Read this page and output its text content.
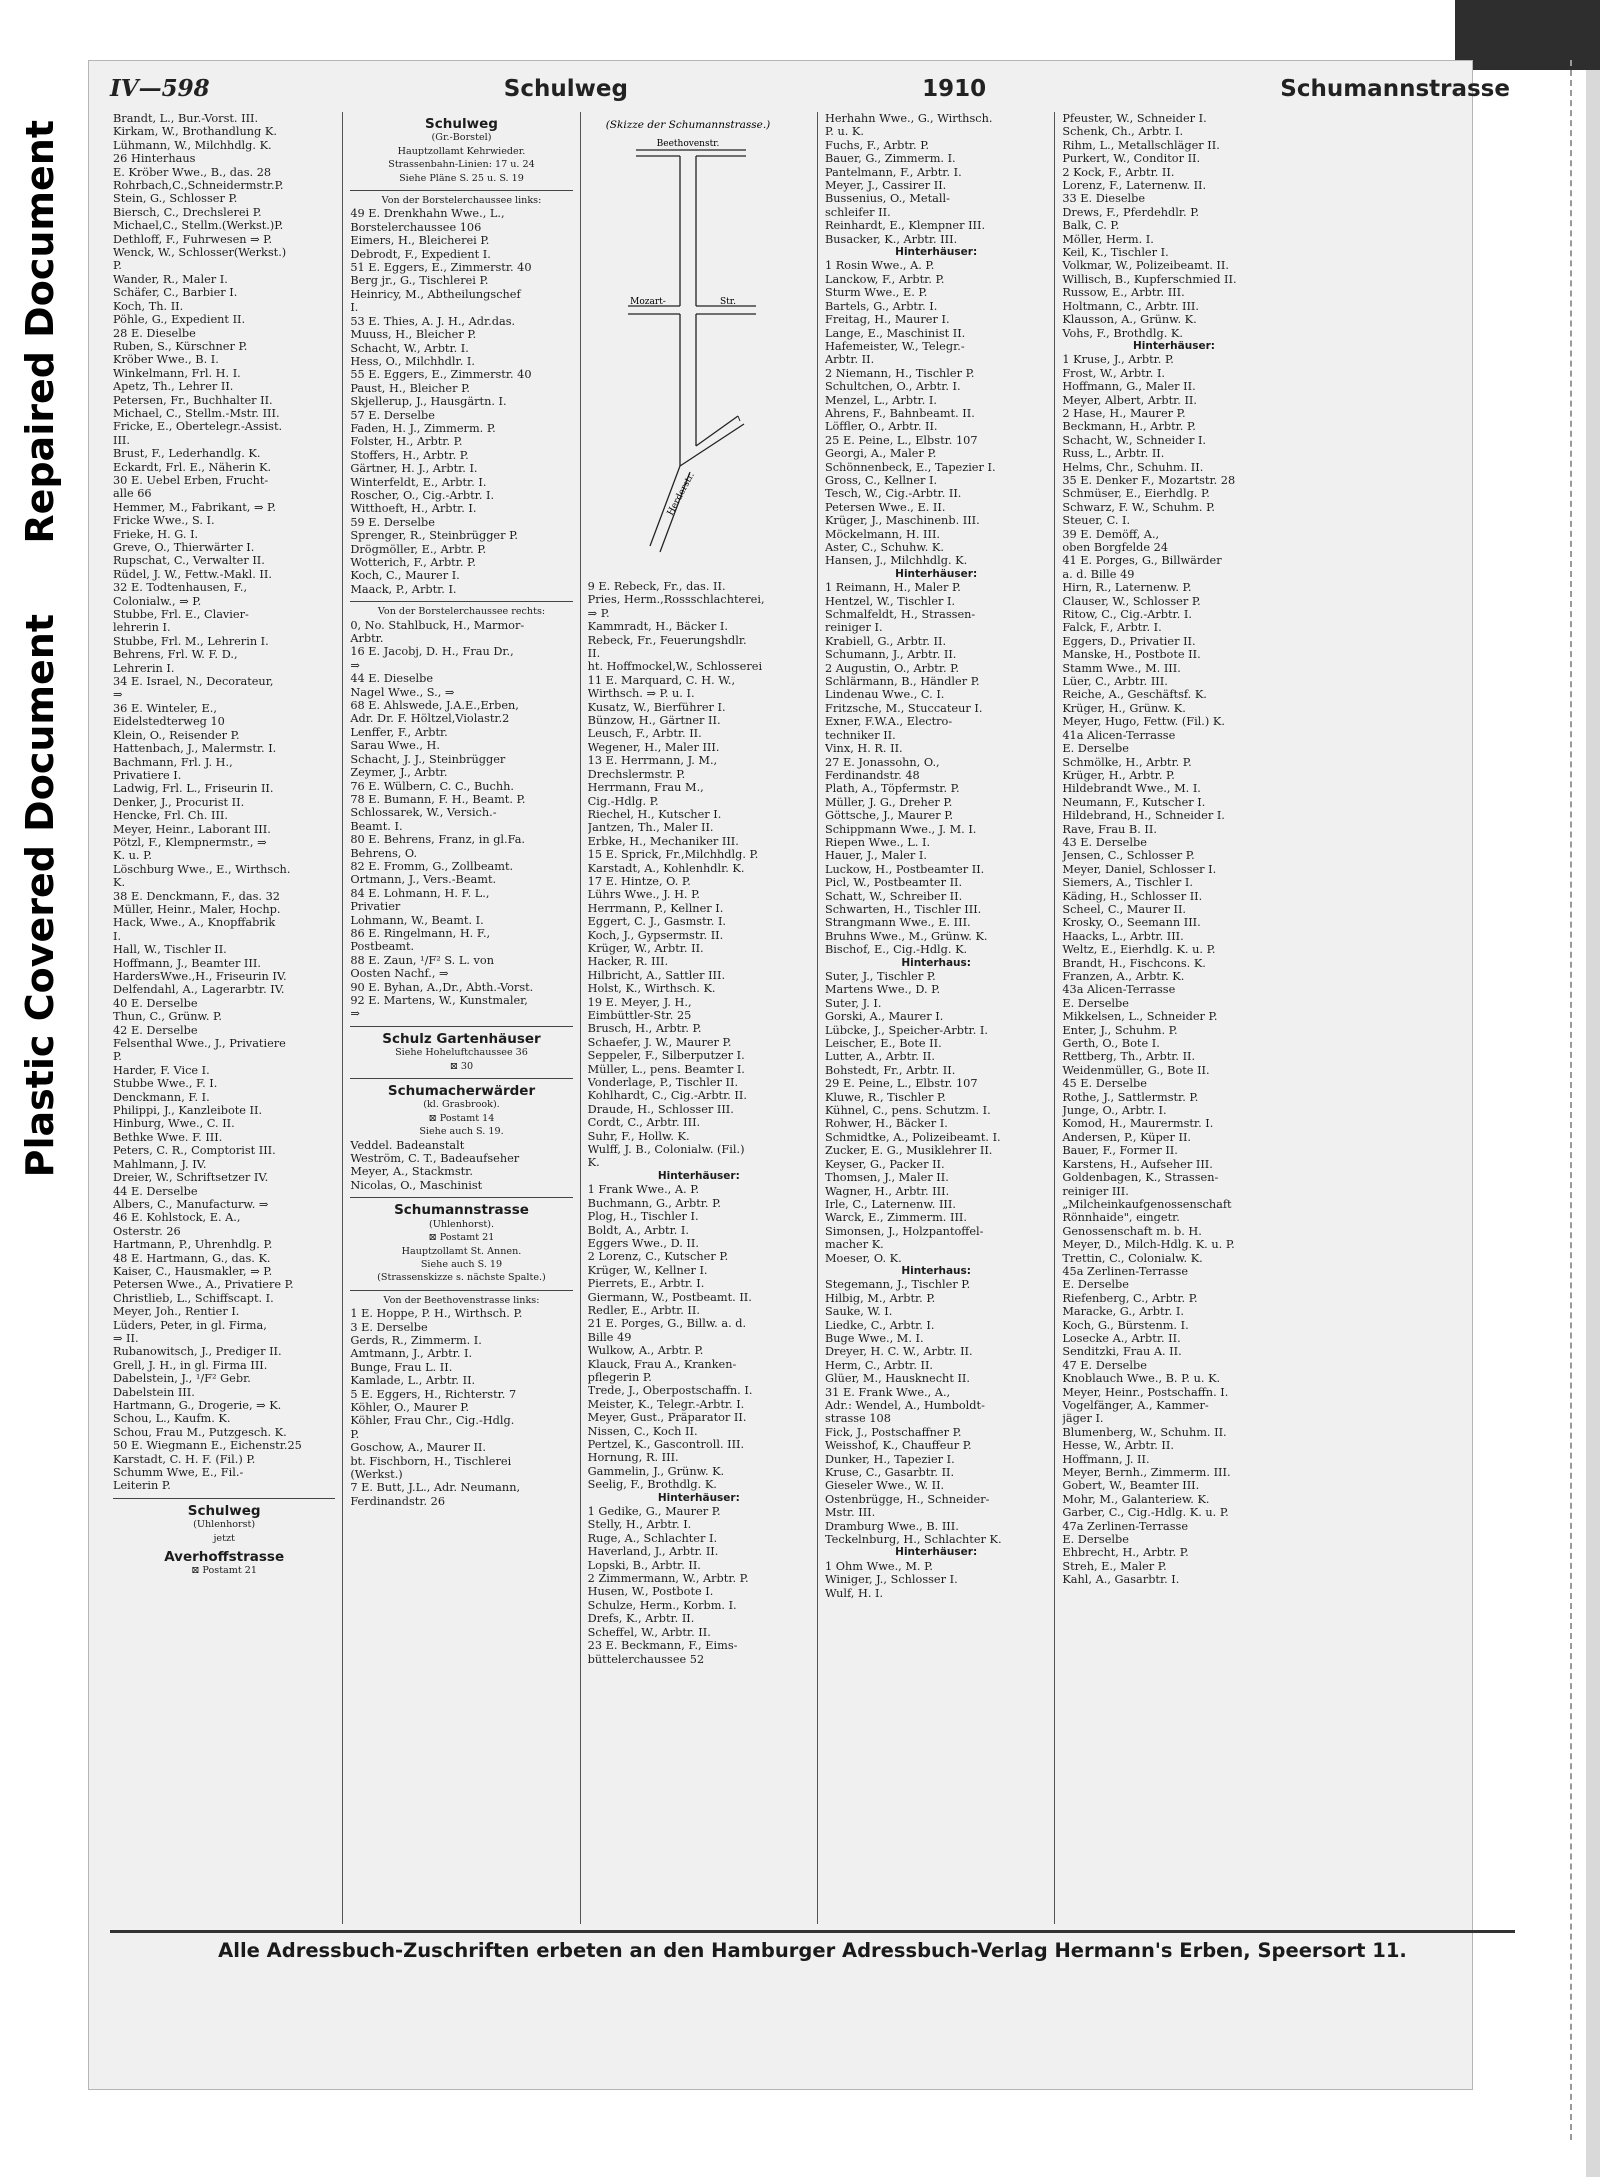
Repaired Document
Plastic Covered Document
IV—598	Schulweg	1910	Schumannstrasse
Brandt, L., Bur.-Vorst. III.
Kirkam, W., Brothandlung K.
Lühmann, W., Milchhdlg. K.
26 Hinterhaus
E. Kröber Wwe., B., das. 28
Rohrbach,C.,Schneidermstr.P.
Stein, G., Schlosser P.
Biersch, C., Drechslerei P.
Michael,C., Stellm.(Werkst.)P.
Dethloff, F., Fuhrwesen ⇒ P.
Wenck, W., Schlosser(Werkst.)
P.
Wander, R., Maler I.
Schäfer, C., Barbier I.
Koch, Th. II.
Pöhle, G., Expedient II.
28 E. Dieselbe
Ruben, S., Kürschner P.
Kröber Wwe., B. I.
Winkelmann, Frl. H. I.
Apetz, Th., Lehrer II.
Petersen, Fr., Buchhalter II.
Michael, C., Stellm.-Mstr. III.
Fricke, E., Obertelegr.-Assist.
III.
Brust, F., Lederhandlg. K.
Eckardt, Frl. E., Näherin K.
30 E. Uebel Erben, Frucht-
alle 66
Hemmer, M., Fabrikant, ⇒ P.
Fricke Wwe., S. I.
Frieke, H. G. I.
Greve, O., Thierwärter I.
Rupschat, C., Verwalter II.
Rüdel, J. W., Fettw.-Makl. II.
32 E. Todtenhausen, F.,
Colonialw., ⇒ P.
Stubbe, Frl. E., Clavier-
lehrerin I.
Stubbe, Frl. M., Lehrerin I.
Behrens, Frl. W. F. D.,
Lehrerin I.
34 E. Israel, N., Decorateur,
⇒
36 E. Winteler, E.,
Eidelstedterweg 10
Klein, O., Reisender P.
Hattenbach, J., Malermstr. I.
Bachmann, Frl. J. H.,
Privatiere I.
Ladwig, Frl. L., Friseurin II.
Denker, J., Procurist II.
Hencke, Frl. Ch. III.
Meyer, Heinr., Laborant III.
Pötzl, F., Klempnermstr., ⇒
K. u. P.
Löschburg Wwe., E., Wirthsch.
K.
38 E. Denckmann, F., das. 32
Müller, Heinr., Maler, Hochp.
Hack, Wwe., A., Knopffabrik
I.
Hall, W., Tischler II.
Hoffmann, J., Beamter III.
HardersWwe.,H., Friseurin IV.
Delfendahl, A., Lagerarbtr. IV.
40 E. Derselbe
Thun, C., Grünw. P.
42 E. Derselbe
Felsenthal Wwe., J., Privatiere
P.
Harder, F. Vice I.
Stubbe Wwe., F. I.
Denckmann, F. I.
Philippi, J., Kanzleibote II.
Hinburg, Wwe., C. II.
Bethke Wwe. F. III.
Peters, C. R., Comptorist III.
Mahlmann, J. IV.
Dreier, W., Schriftsetzer IV.
44 E. Derselbe
Albers, C., Manufacturw. ⇒
46 E. Kohlstock, E. A.,
Osterstr. 26
Hartmann, P., Uhrenhdlg. P.
48 E. Hartmann, G., das. K.
Kaiser, C., Hausmakler, ⇒ P.
Petersen Wwe., A., Privatiere P.
Christlieb, L., Schiffscapt. I.
Meyer, Joh., Rentier I.
Lüders, Peter, in gl. Firma,
⇒ II.
Rubanowitsch, J., Prediger II.
Grell, J. H., in gl. Firma III.
Dabelstein, J., ¹/F² Gebr.
Dabelstein III.
Hartmann, G., Drogerie, ⇒ K.
Schou, L., Kaufm. K.
Schou, Frau M., Putzgesch. K.
50 E. Wiegmann E., Eichenstr.25
Karstadt, C. H. F. (Fil.) P.
Schumm Wwe, E., Fil.-
Leiterin P.
Schulweg
(Uhlenhorst)
jetzt
Averhoffstrasse
⊠ Postamt 21
Schulweg
(Gr.-Borstel)
Hauptzollamt Kehrwieder.
Strassenbahn-Linien: 17 u. 24
Siehe Pläne S. 25 u. S. 19
Von der Borstelerchaussee links:
49 E. Drenkhahn Wwe., L.,
Borstelerchaussee 106
Eimers, H., Bleicherei P.
Debrodt, F., Expedient I.
51 E. Eggers, E., Zimmerstr. 40
Berg jr., G., Tischlerei P.
Heinricy, M., Abtheilungschef
I.
53 E. Thies, A. J. H., Adr.das.
Muuss, H., Bleicher P.
Schacht, W., Arbtr. I.
Hess, O., Milchhdlr. I.
55 E. Eggers, E., Zimmerstr. 40
Paust, H., Bleicher P.
Skjellerup, J., Hausgärtn. I.
57 E. Derselbe
Faden, H. J., Zimmerm. P.
Folster, H., Arbtr. P.
Stoffers, H., Arbtr. P.
Gärtner, H. J., Arbtr. I.
Winterfeldt, E., Arbtr. I.
Roscher, O., Cig.-Arbtr. I.
Witthoeft, H., Arbtr. I.
59 E. Derselbe
Sprenger, R., Steinbrügger P.
Drögmöller, E., Arbtr. P.
Wotterich, F., Arbtr. P.
Koch, C., Maurer I.
Maack, P., Arbtr. I.
Von der Borstelerchaussee rechts:
0, No. Stahlbuck, H., Marmor-
Arbtr.
16 E. Jacobj, D. H., Frau Dr.,
⇒
44 E. Dieselbe
Nagel Wwe., S., ⇒
68 E. Ahlswede, J.A.E.,Erben,
Adr. Dr. F. Höltzel,Violastr.2
Lenffer, F., Arbtr.
Sarau Wwe., H.
Schacht, J. J., Steinbrügger
Zeymer, J., Arbtr.
76 E. Wülbern, C. C., Buchh.
78 E. Bumann, F. H., Beamt. P.
Schlossarek, W., Versich.-
Beamt. I.
80 E. Behrens, Franz, in gl.Fa.
Behrens, O.
82 E. Fromm, G., Zollbeamt.
Ortmann, J., Vers.-Beamt.
84 E. Lohmann, H. F. L.,
Privatier
Lohmann, W., Beamt. I.
86 E. Ringelmann, H. F.,
Postbeamt.
88 E. Zaun, ¹/F² S. L. von
Oosten Nachf., ⇒
90 E. Byhan, A.,Dr., Abth.-Vorst.
92 E. Martens, W., Kunstmaler,
⇒
Schulz Gartenhäuser
Siehe Hoheluftchaussee 36
⊠ 30
Schumacherwärder
(kl. Grasbrook).
⊠ Postamt 14
Siehe auch S. 19.
Veddel. Badeanstalt
Weström, C. T., Badeaufseher
Meyer, A., Stackmstr.
Nicolas, O., Maschinist
Schumannstrasse
(Uhlenhorst).
⊠ Postamt 21
Hauptzollamt St. Annen.
Siehe auch S. 19
(Strassenskizze s. nächste Spalte.)
Von der Beethovenstrasse links:
1 E. Hoppe, P. H., Wirthsch. P.
3 E. Derselbe
Gerds, R., Zimmerm. I.
Amtmann, J., Arbtr. I.
Bunge, Frau L. II.
Kamlade, L., Arbtr. II.
5 E. Eggers, H., Richterstr. 7
Köhler, O., Maurer P.
Köhler, Frau Chr., Cig.-Hdlg.
P.
Goschow, A., Maurer II.
bt. Fischborn, H., Tischlerei
(Werkst.)
7 E. Butt, J.L., Adr. Neumann,
Ferdinandstr. 26
(Skizze der Schumannstrasse.)
Beethovenstr.
Mozart-	Str.
Herderstr.
9 E. Rebeck, Fr., das. II.
Pries, Herm.,Rossschlachterei,
⇒ P.
Kammradt, H., Bäcker I.
Rebeck, Fr., Feuerungshdlr.
II.
ht. Hoffmockel,W., Schlosserei
11 E. Marquard, C. H. W.,
Wirthsch. ⇒ P. u. I.
Kusatz, W., Bierführer I.
Bünzow, H., Gärtner II.
Leusch, F., Arbtr. II.
Wegener, H., Maler III.
13 E. Herrmann, J. M.,
Drechslermstr. P.
Herrmann, Frau M.,
Cig.-Hdlg. P.
Riechel, H., Kutscher I.
Jantzen, Th., Maler II.
Erbke, H., Mechaniker III.
15 E. Sprick, Fr.,Milchhdlg. P.
Karstadt, A., Kohlenhdlr. K.
17 E. Hintze, O. P.
Lührs Wwe., J. H. P.
Herrmann, P., Kellner I.
Eggert, C. J., Gasmstr. I.
Koch, J., Gypsermstr. II.
Krüger, W., Arbtr. II.
Hacker, R. III.
Hilbricht, A., Sattler III.
Holst, K., Wirthsch. K.
19 E. Meyer, J. H.,
Eimbüttler-Str. 25
Brusch, H., Arbtr. P.
Schaefer, J. W., Maurer P.
Seppeler, F., Silberputzer I.
Müller, L., pens. Beamter I.
Vonderlage, P., Tischler II.
Kohlhardt, C., Cig.-Arbtr. II.
Draude, H., Schlosser III.
Cordt, C., Arbtr. III.
Suhr, F., Hollw. K.
Wulff, J. B., Colonialw. (Fil.)
K.
Hinterhäuser:
1 Frank Wwe., A. P.
Buchmann, G., Arbtr. P.
Plog, H., Tischler I.
Boldt, A., Arbtr. I.
Eggers Wwe., D. II.
2 Lorenz, C., Kutscher P.
Krüger, W., Kellner I.
Pierrets, E., Arbtr. I.
Giermann, W., Postbeamt. II.
Redler, E., Arbtr. II.
21 E. Porges, G., Billw. a. d.
Bille 49
Wulkow, A., Arbtr. P.
Klauck, Frau A., Kranken-
pflegerin P.
Trede, J., Oberpostschaffn. I.
Meister, K., Telegr.-Arbtr. I.
Meyer, Gust., Präparator II.
Nissen, C., Koch II.
Pertzel, K., Gascontroll. III.
Hornung, R. III.
Gammelin, J., Grünw. K.
Seelig, F., Brothdlg. K.
Hinterhäuser:
1 Gedike, G., Maurer P.
Stelly, H., Arbtr. I.
Ruge, A., Schlachter I.
Haverland, J., Arbtr. II.
Lopski, B., Arbtr. II.
2 Zimmermann, W., Arbtr. P.
Husen, W., Postbote I.
Schulze, Herm., Korbm. I.
Drefs, K., Arbtr. II.
Scheffel, W., Arbtr. II.
23 E. Beckmann, F., Eims-
büttelerchaussee 52
Herhahn Wwe., G., Wirthsch.
P. u. K.
Fuchs, F., Arbtr. P.
Bauer, G., Zimmerm. I.
Pantelmann, F., Arbtr. I.
Meyer, J., Cassirer II.
Bussenius, O., Metall-
schleifer II.
Reinhardt, E., Klempner III.
Busacker, K., Arbtr. III.
Hinterhäuser:
1 Rosin Wwe., A. P.
Lanckow, F., Arbtr. P.
Sturm Wwe., E. P.
Bartels, G., Arbtr. I.
Freitag, H., Maurer I.
Lange, E., Maschinist II.
Hafemeister, W., Telegr.-
Arbtr. II.
2 Niemann, H., Tischler P.
Schultchen, O., Arbtr. I.
Menzel, L., Arbtr. I.
Ahrens, F., Bahnbeamt. II.
Löffler, O., Arbtr. II.
25 E. Peine, L., Elbstr. 107
Georgi, A., Maler P.
Schönnenbeck, E., Tapezier I.
Gross, C., Kellner I.
Tesch, W., Cig.-Arbtr. II.
Petersen Wwe., E. II.
Krüger, J., Maschinenb. III.
Möckelmann, H. III.
Aster, C., Schuhw. K.
Hansen, J., Milchhdlg. K.
Hinterhäuser:
1 Reimann, H., Maler P.
Hentzel, W., Tischler I.
Schmalfeldt, H., Strassen-
reiniger I.
Krabiell, G., Arbtr. II.
Schumann, J., Arbtr. II.
2 Augustin, O., Arbtr. P.
Schlärmann, B., Händler P.
Lindenau Wwe., C. I.
Fritzsche, M., Stuccateur I.
Exner, F.W.A., Electro-
techniker II.
Vinx, H. R. II.
27 E. Jonassohn, O.,
Ferdinandstr. 48
Plath, A., Töpfermstr. P.
Müller, J. G., Dreher P.
Göttsche, J., Maurer P.
Schippmann Wwe., J. M. I.
Riepen Wwe., L. I.
Hauer, J., Maler I.
Luckow, H., Postbeamter II.
Picl, W., Postbeamter II.
Schatt, W., Schreiber II.
Schwarten, H., Tischler III.
Strangmann Wwe., E. III.
Bruhns Wwe., M., Grünw. K.
Bischof, E., Cig.-Hdlg. K.
Hinterhaus:
Suter, J., Tischler P.
Martens Wwe., D. P.
Suter, J. I.
Gorski, A., Maurer I.
Lübcke, J., Speicher-Arbtr. I.
Leischer, E., Bote II.
Lutter, A., Arbtr. II.
Bohstedt, Fr., Arbtr. II.
29 E. Peine, L., Elbstr. 107
Kluwe, R., Tischler P.
Kühnel, C., pens. Schutzm. I.
Rohwer, H., Bäcker I.
Schmidtke, A., Polizeibeamt. I.
Zucker, E. G., Musiklehrer II.
Keyser, G., Packer II.
Thomsen, J., Maler II.
Wagner, H., Arbtr. III.
Irle, C., Laternenw. III.
Warck, E., Zimmerm. III.
Simonsen, J., Holzpantoffel-
macher K.
Moeser, O. K.
Hinterhaus:
Stegemann, J., Tischler P.
Hilbig, M., Arbtr. P.
Sauke, W. I.
Liedke, C., Arbtr. I.
Buge Wwe., M. I.
Dreyer, H. C. W., Arbtr. II.
Herm, C., Arbtr. II.
Glüer, M., Hausknecht II.
31 E. Frank Wwe., A.,
Adr.: Wendel, A., Humboldt-
strasse 108
Fick, J., Postschaffner P.
Weisshof, K., Chauffeur P.
Dunker, H., Tapezier I.
Kruse, C., Gasarbtr. II.
Gieseler Wwe., W. II.
Ostenbrügge, H., Schneider-
Mstr. III.
Dramburg Wwe., B. III.
Teckelnburg, H., Schlachter K.
Hinterhäuser:
1 Ohm Wwe., M. P.
Winiger, J., Schlosser I.
Wulf, H. I.
Pfeuster, W., Schneider I.
Schenk, Ch., Arbtr. I.
Rihm, L., Metallschläger II.
Purkert, W., Conditor II.
2 Kock, F., Arbtr. II.
Lorenz, F., Laternenw. II.
33 E. Dieselbe
Drews, F., Pferdehdlr. P.
Balk, C. P.
Möller, Herm. I.
Keil, K., Tischler I.
Volkmar, W., Polizeibeamt. II.
Willisch, B., Kupferschmied II.
Russow, E., Arbtr. III.
Holtmann, C., Arbtr. III.
Klausson, A., Grünw. K.
Vohs, F., Brothdlg. K.
Hinterhäuser:
1 Kruse, J., Arbtr. P.
Frost, W., Arbtr. I.
Hoffmann, G., Maler II.
Meyer, Albert, Arbtr. II.
2 Hase, H., Maurer P.
Beckmann, H., Arbtr. P.
Schacht, W., Schneider I.
Russ, L., Arbtr. II.
Helms, Chr., Schuhm. II.
35 E. Denker F., Mozartstr. 28
Schmüser, E., Eierhdlg. P.
Schwarz, F. W., Schuhm. P.
Steuer, C. I.
39 E. Demöff, A.,
oben Borgfelde 24
41 E. Porges, G., Billwärder
a. d. Bille 49
Hirn, R., Laternenw. P.
Clauser, W., Schlosser P.
Ritow, C., Cig.-Arbtr. I.
Falck, F., Arbtr. I.
Eggers, D., Privatier II.
Manske, H., Postbote II.
Stamm Wwe., M. III.
Lüer, C., Arbtr. III.
Reiche, A., Geschäftsf. K.
Krüger, H., Grünw. K.
Meyer, Hugo, Fettw. (Fil.) K.
41a Alicen-Terrasse
E. Derselbe
Schmölke, H., Arbtr. P.
Krüger, H., Arbtr. P.
Hildebrandt Wwe., M. I.
Neumann, F., Kutscher I.
Hildebrand, H., Schneider I.
Rave, Frau B. II.
43 E. Derselbe
Jensen, C., Schlosser P.
Meyer, Daniel, Schlosser I.
Siemers, A., Tischler I.
Käding, H., Schlosser II.
Scheel, C., Maurer II.
Krosky, O., Seemann III.
Haacks, L., Arbtr. III.
Weltz, E., Eierhdlg. K. u. P.
Brandt, H., Fischcons. K.
Franzen, A., Arbtr. K.
43a Alicen-Terrasse
E. Derselbe
Mikkelsen, L., Schneider P.
Enter, J., Schuhm. P.
Gerth, O., Bote I.
Rettberg, Th., Arbtr. II.
Weidenmüller, G., Bote II.
45 E. Derselbe
Rothe, J., Sattlermstr. P.
Junge, O., Arbtr. I.
Komod, H., Maurermstr. I.
Andersen, P., Küper II.
Bauer, F., Former II.
Karstens, H., Aufseher III.
Goldenbagen, K., Strassen-
reiniger III.
„Milcheinkaufgenossenschaft
Rönnhaide", eingetr.
Genossenschaft m. b. H.
Meyer, D., Milch-Hdlg. K. u. P.
Trettin, C., Colonialw. K.
45a Zerlinen-Terrasse
E. Derselbe
Riefenberg, C., Arbtr. P.
Maracke, G., Arbtr. I.
Koch, G., Bürstenm. I.
Losecke A., Arbtr. II.
Senditzki, Frau A. II.
47 E. Derselbe
Knoblauch Wwe., B. P. u. K.
Meyer, Heinr., Postschaffn. I.
Vogelfänger, A., Kammer-
jäger I.
Blumenberg, W., Schuhm. II.
Hesse, W., Arbtr. II.
Hoffmann, J. II.
Meyer, Bernh., Zimmerm. III.
Gobert, W., Beamter III.
Mohr, M., Galanteriew. K.
Garber, C., Cig.-Hdlg. K. u. P.
47a Zerlinen-Terrasse
E. Derselbe
Ehbrecht, H., Arbtr. P.
Streh, E., Maler P.
Kahl, A., Gasarbtr. I.
Alle Adressbuch-Zuschriften erbeten an den Hamburger Adressbuch-Verlag Hermann's Erben, Speersort 11.
